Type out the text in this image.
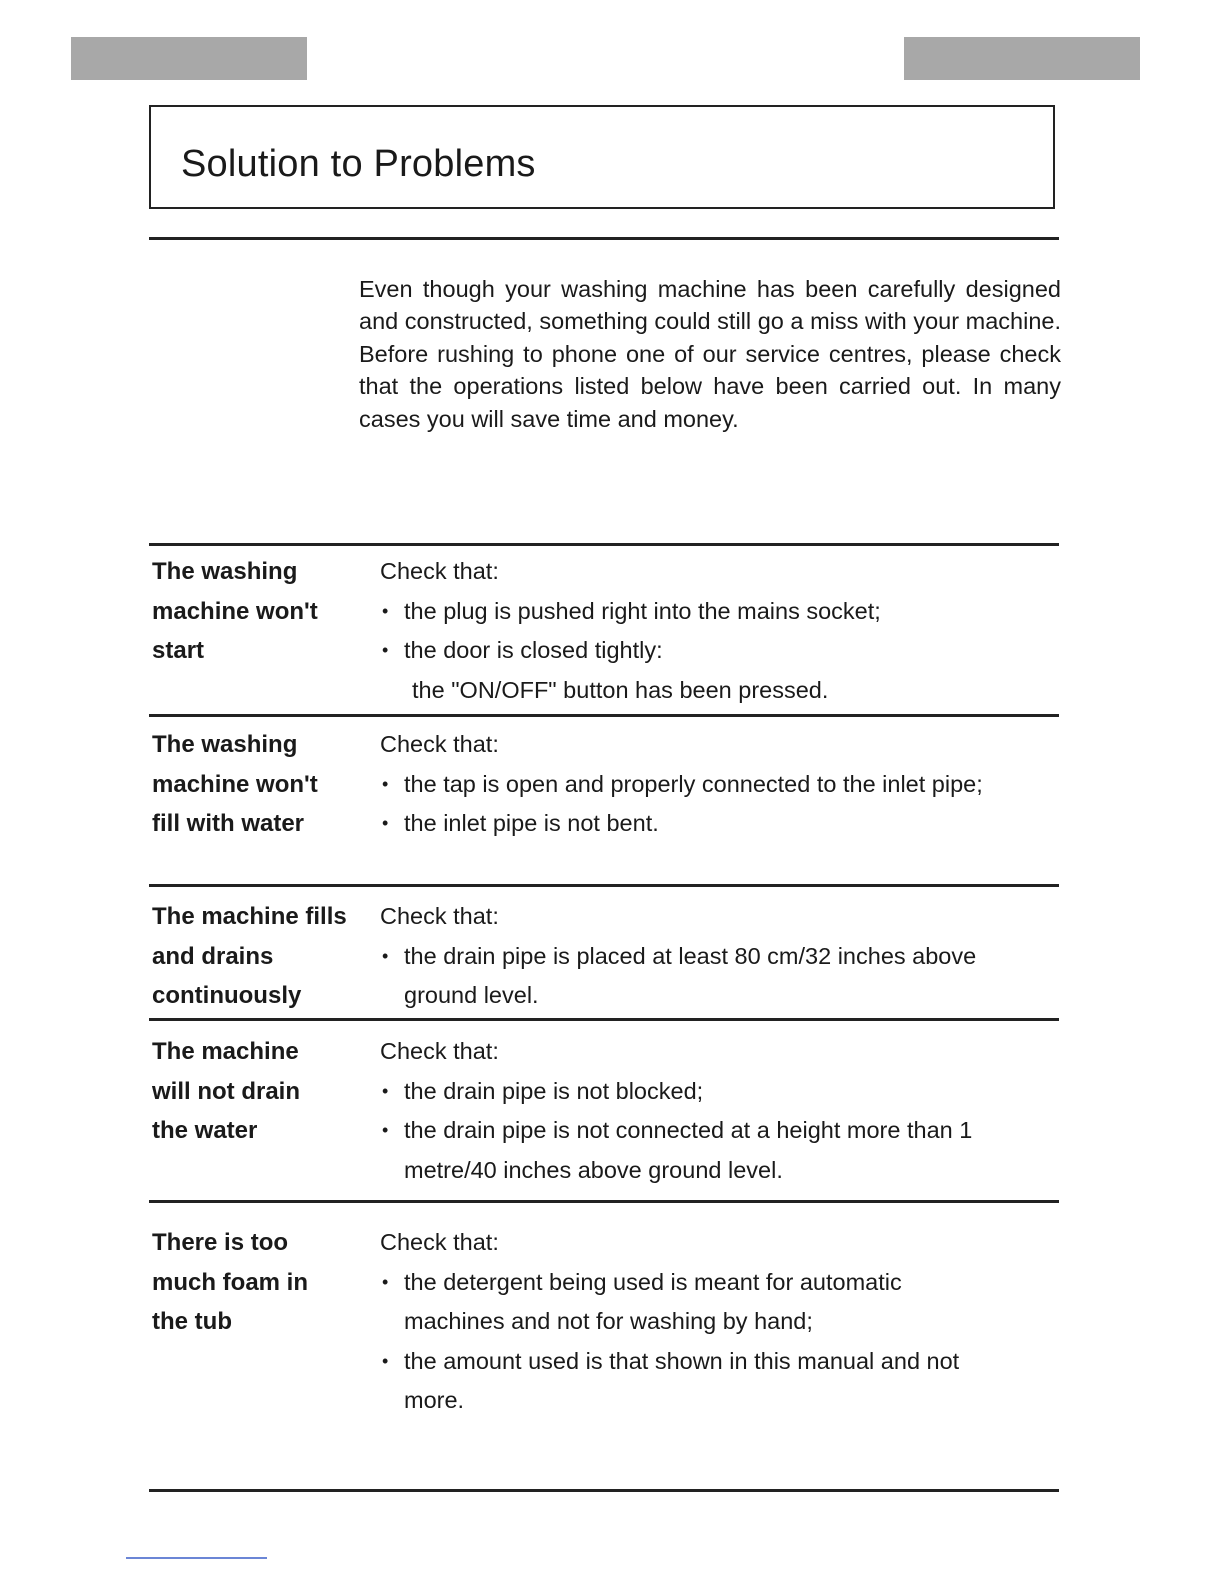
Solution to Problems

Even though your washing machine has been carefully designed and constructed, something could still go a miss with your machine. Before rushing to phone one of our service centres, please check that the operations listed below have been carried out. In many cases you will save time and money.

The washing machine won't start
Check that:
• the plug is pushed right into the mains socket;
• the door is closed tightly:
the "ON/OFF" button has been pressed.
The washing machine won't fill with water
Check that:
• the tap is open and properly connected to the inlet pipe;
• the inlet pipe is not bent.
The machine fills and drains continuously
Check that:
• the drain pipe is placed at least 80 cm/32 inches above ground level.
The machine will not drain the water
Check that:
• the drain pipe is not blocked;
• the drain pipe is not connected at a height more than 1 metre/40 inches above ground level.
There is too much foam in the tub
Check that:
• the detergent being used is meant for automatic machines and not for washing by hand;
• the amount used is that shown in this manual and not more.
